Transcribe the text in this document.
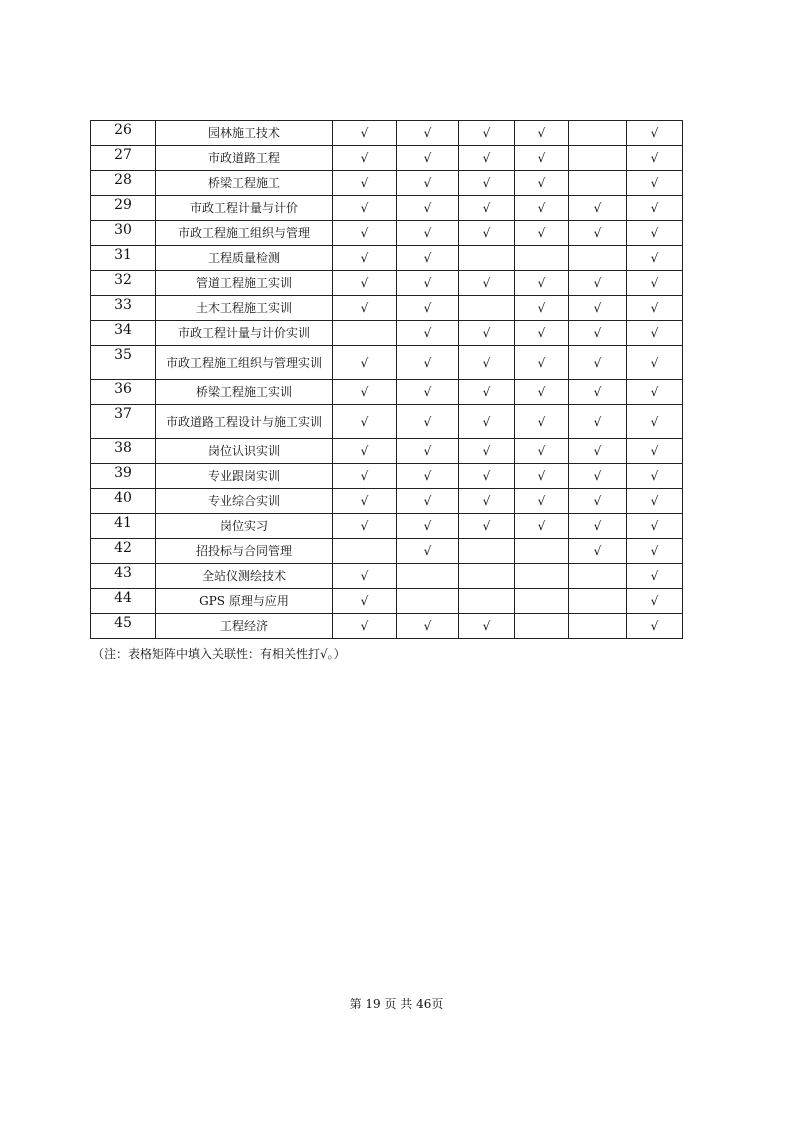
26	园林施工技术	√	√	√	√		√
27	市政道路工程	√	√	√	√		√
28	桥梁工程施工	√	√	√	√		√
29	市政工程计量与计价	√	√	√	√	√	√
30	市政工程施工组织与管理	√	√	√	√	√	√
31	工程质量检测	√	√				√
32	管道工程施工实训	√	√	√	√	√	√
33	土木工程施工实训	√	√		√	√	√
34	市政工程计量与计价实训		√	√	√	√	√
35	市政工程施工组织与管理实训	√	√	√	√	√	√
36	桥梁工程施工实训	√	√	√	√	√	√
37	市政道路工程设计与施工实训	√	√	√	√	√	√
38	岗位认识实训	√	√	√	√	√	√
39	专业跟岗实训	√	√	√	√	√	√
40	专业综合实训	√	√	√	√	√	√
41	岗位实习	√	√	√	√	√	√
42	招投标与合同管理		√			√	√
43	全站仪测绘技术	√					√
44	GPS 原理与应用	√					√
45	工程经济	√	√	√			√
（注：表格矩阵中填入关联性：有相关性打√。）
第 19 页 共 46页
